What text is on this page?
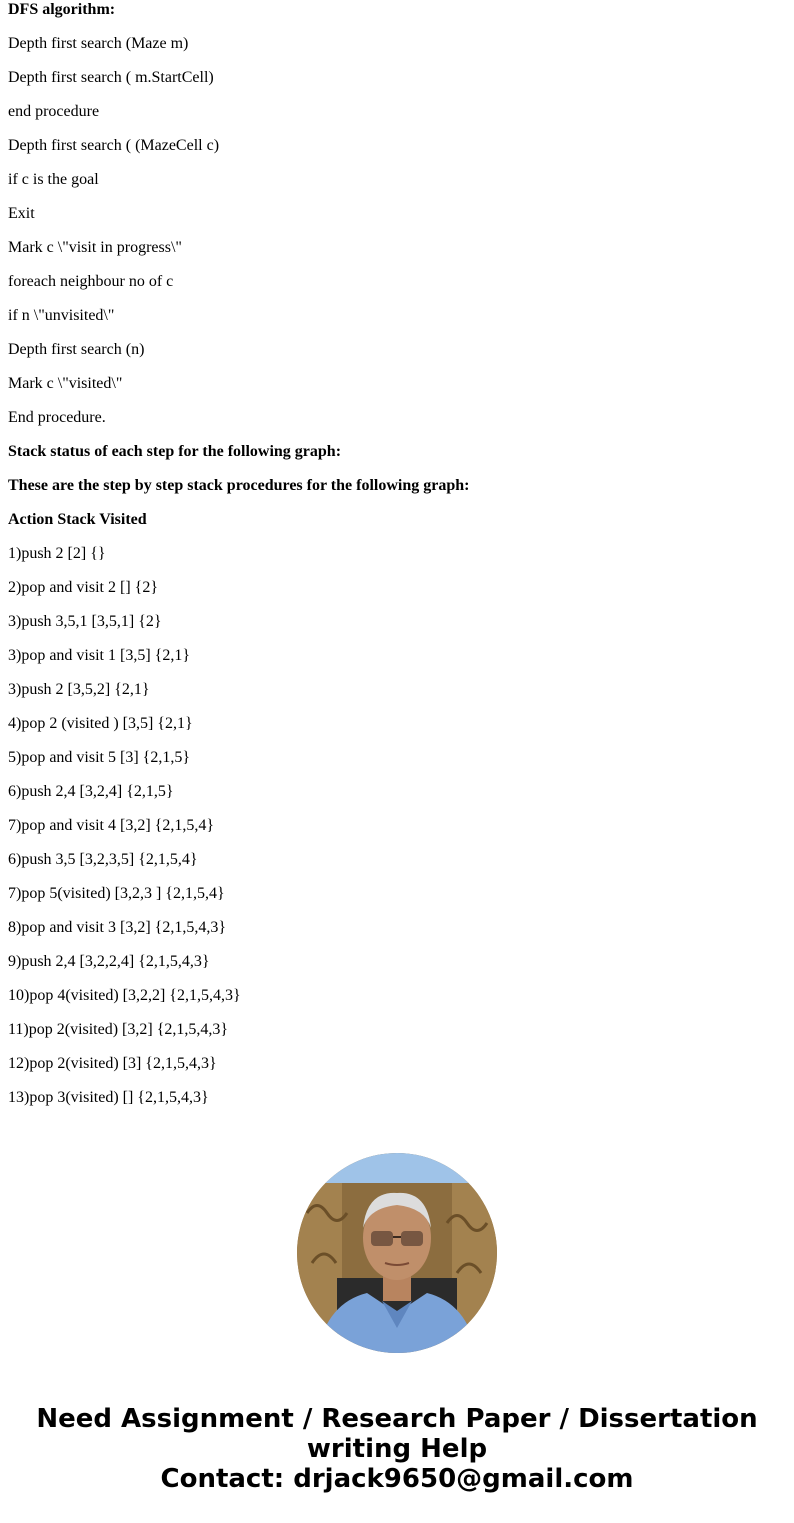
DFS algorithm:
Depth first search (Maze m)
Depth first search ( m.StartCell)
end procedure
Depth first search ( (MazeCell c)
if c is the goal
Exit
Mark c \"visit in progress\"
foreach neighbour no of c
if n \"unvisited\"
Depth first search (n)
Mark c \"visited\"
End procedure.
Stack status of each step for the following graph:
These are the step by step stack procedures for the following graph:
Action Stack Visited
1)push 2 [2] {}
2)pop and visit 2 [] {2}
3)push 3,5,1 [3,5,1] {2}
3)pop and visit 1 [3,5] {2,1}
3)push 2 [3,5,2] {2,1}
4)pop 2 (visited ) [3,5] {2,1}
5)pop and visit 5 [3] {2,1,5}
6)push 2,4 [3,2,4] {2,1,5}
7)pop and visit 4 [3,2] {2,1,5,4}
6)push 3,5 [3,2,3,5] {2,1,5,4}
7)pop 5(visited) [3,2,3 ] {2,1,5,4}
8)pop and visit 3 [3,2] {2,1,5,4,3}
9)push 2,4 [3,2,2,4] {2,1,5,4,3}
10)pop 4(visited) [3,2,2] {2,1,5,4,3}
11)pop 2(visited) [3,2] {2,1,5,4,3}
12)pop 2(visited) [3] {2,1,5,4,3}
13)pop 3(visited) [] {2,1,5,4,3}
Need Assignment / Research Paper / Dissertation
writing Help
Contact: drjack9650@gmail.com
